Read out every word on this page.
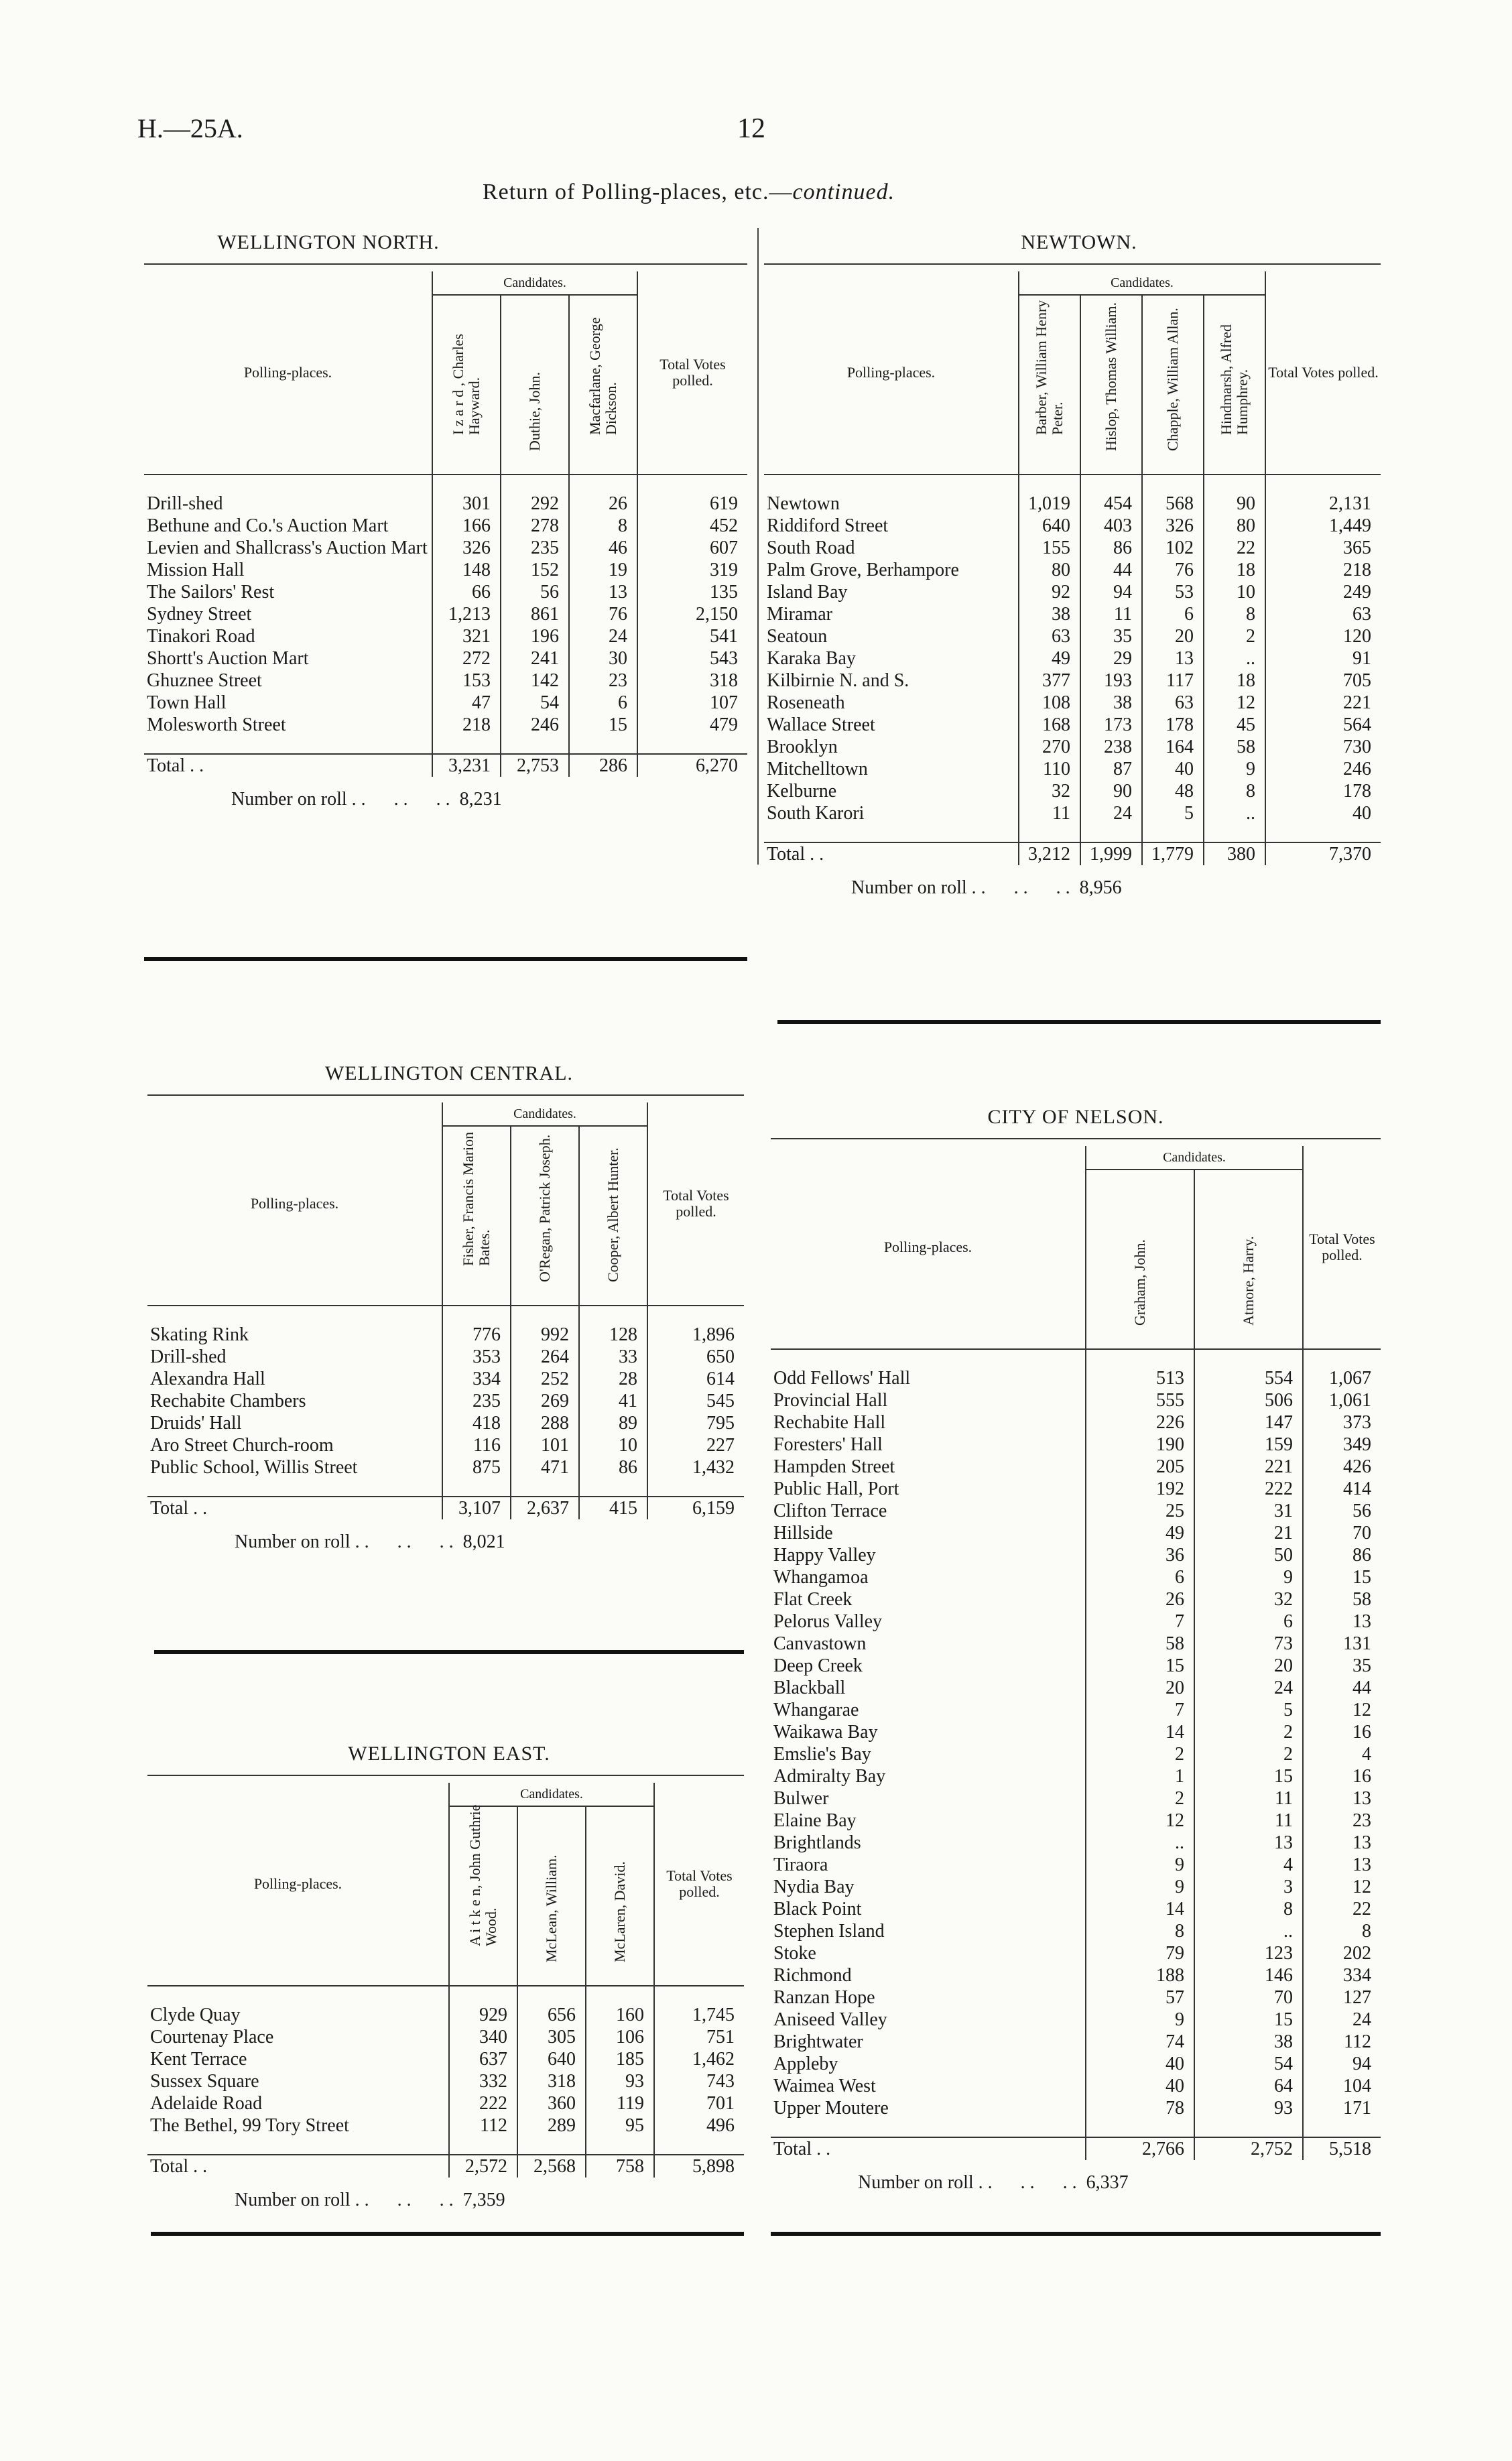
H.—25A.	12
Return of Polling-places, etc.—continued.
WELLINGTON NORTH.
Polling-places.	Candidates.			Total Votes polled.

	I z a r d , Charles Hayward.	Duthie, John.	Macfarlane, George Dickson.	

Drill-shed	301	292	26	619
Bethune and Co.'s Auction Mart	166	278	8	452
Levien and Shallcrass's Auction Mart	326	235	46	607
Mission Hall	148	152	19	319
The Sailors' Rest	66	56	13	135
Sydney Street	1,213	861	76	2,150
Tinakori Road	321	196	24	541
Shortt's Auction Mart	272	241	30	543
Ghuznee Street	153	142	23	318
Town Hall	47	54	6	107
Molesworth Street	218	246	15	479

Total . .	3,231	2,753	286	6,270
Number on roll . .      . .      . .  8,231
NEWTOWN.
Polling-places.	Candidates.				Total Votes polled.

	Barber, William Henry Peter.	Hislop, Thomas William.	Chapple, William Allan.	Hindmarsh, Alfred Humphrey.	

Newtown	1,019	454	568	90	2,131
Riddiford Street	640	403	326	80	1,449
South Road	155	86	102	22	365
Palm Grove, Berhampore	80	44	76	18	218
Island Bay	92	94	53	10	249
Miramar	38	11	6	8	63
Seatoun	63	35	20	2	120
Karaka Bay	49	29	13	..	91
Kilbirnie N. and S.	377	193	117	18	705
Roseneath	108	38	63	12	221
Wallace Street	168	173	178	45	564
Brooklyn	270	238	164	58	730
Mitchelltown	110	87	40	9	246
Kelburne	32	90	48	8	178
South Karori	11	24	5	..	40

Total . .	3,212	1,999	1,779	380	7,370
Number on roll . .      . .      . .  8,956
WELLINGTON CENTRAL.
Polling-places.	Candidates.			Total Votes polled.

	Fisher, Francis Marion Bates.	O'Regan, Patrick Joseph.	Cooper, Albert Hunter.	

Skating Rink	776	992	128	1,896
Drill-shed	353	264	33	650
Alexandra Hall	334	252	28	614
Rechabite Chambers	235	269	41	545
Druids' Hall	418	288	89	795
Aro Street Church-room	116	101	10	227
Public School, Willis Street	875	471	86	1,432

Total . .	3,107	2,637	415	6,159
Number on roll . .      . .      . .  8,021
WELLINGTON EAST.
Polling-places.	Candidates.			Total Votes polled.

	A i t k e n, John Guthrie Wood.	McLean, William.	McLaren, David.	

Clyde Quay	929	656	160	1,745
Courtenay Place	340	305	106	751
Kent Terrace	637	640	185	1,462
Sussex Square	332	318	93	743
Adelaide Road	222	360	119	701
The Bethel, 99 Tory Street	112	289	95	496

Total . .	2,572	2,568	758	5,898
Number on roll . .      . .      . .  7,359
CITY OF NELSON.
Polling-places.	Candidates.		Total Votes polled.

	Graham, John.	Atmore, Harry.	

Odd Fellows' Hall	513	554	1,067
Provincial Hall	555	506	1,061
Rechabite Hall	226	147	373
Foresters' Hall	190	159	349
Hampden Street	205	221	426
Public Hall, Port	192	222	414
Clifton Terrace	25	31	56
Hillside	49	21	70
Happy Valley	36	50	86
Whangamoa	6	9	15
Flat Creek	26	32	58
Pelorus Valley	7	6	13
Canvastown	58	73	131
Deep Creek	15	20	35
Blackball	20	24	44
Whangarae	7	5	12
Waikawa Bay	14	2	16
Emslie's Bay	2	2	4
Admiralty Bay	1	15	16
Bulwer	2	11	13
Elaine Bay	12	11	23
Brightlands	..	13	13
Tiraora	9	4	13
Nydia Bay	9	3	12
Black Point	14	8	22
Stephen Island	8	..	8
Stoke	79	123	202
Richmond	188	146	334
Ranzan Hope	57	70	127
Aniseed Valley	9	15	24
Brightwater	74	38	112
Appleby	40	54	94
Waimea West	40	64	104
Upper Moutere	78	93	171

Total . .	2,766	2,752	5,518
Number on roll . .      . .      . .  6,337
